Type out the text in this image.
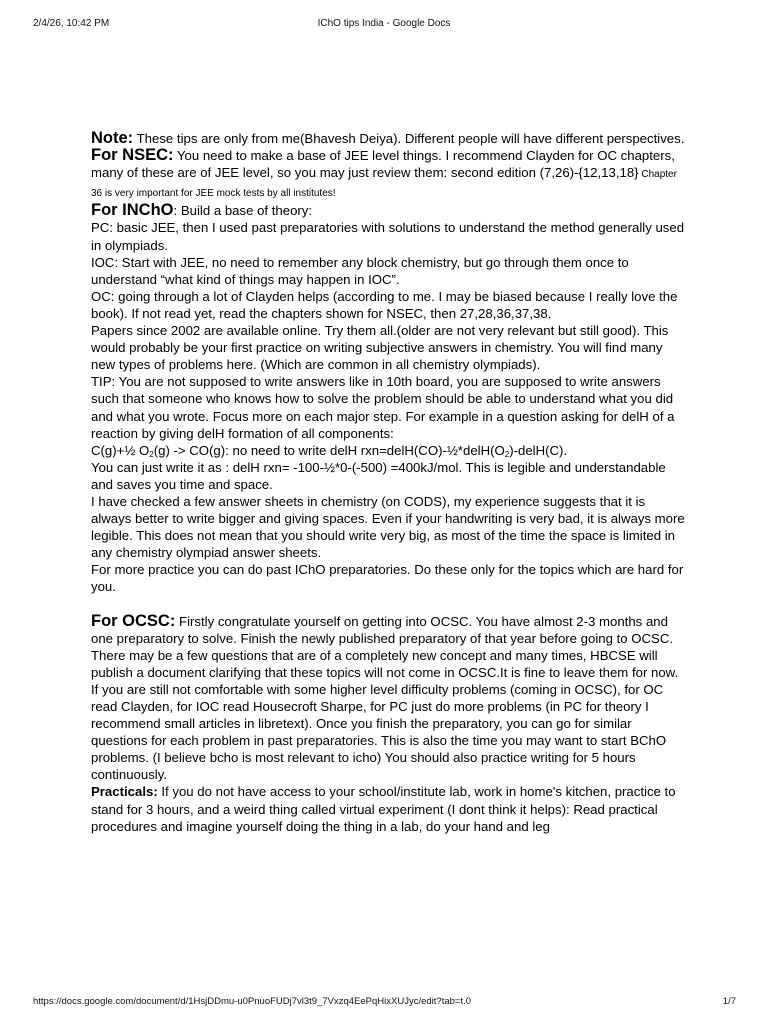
2/4/26, 10:42 PM	IChO tips India - Google Docs

Note: These tips are only from me(Bhavesh Deiya). Different people will have different perspectives.

For NSEC: You need to make a base of JEE level things. I recommend Clayden for OC chapters, many of these are of JEE level, so you may just review them: second edition (7,26)-{12,13,18} Chapter 36 is very important for JEE mock tests by all institutes!

For INChO: Build a base of theory:

PC: basic JEE, then I used past preparatories with solutions to understand the method generally used in olympiads.

IOC: Start with JEE, no need to remember any block chemistry, but go through them once to understand “what kind of things may happen in IOC”.

OC: going through a lot of Clayden helps (according to me. I may be biased because I really love the book). If not read yet, read the chapters shown for NSEC, then 27,28,36,37,38.

Papers since 2002 are available online. Try them all.(older are not very relevant but still good). This would probably be your first practice on writing subjective answers in chemistry. You will find many new types of problems here. (Which are common in all chemistry olympiads).

TIP: You are not supposed to write answers like in 10th board, you are supposed to write answers such that someone who knows how to solve the problem should be able to understand what you did and what you wrote. Focus more on each major step. For example in a question asking for delH of a reaction by giving delH formation of all components:

C(g)+½ $O_2(g) -> CO(g)$: no need to write delH $rxn=delH(CO)-\frac{1}{2}*delH(O_2)-delH(C)$.

You can just write it as : delH rxn= -100-½*0-(-500) =400kJ/mol. This is legible and understandable and saves you time and space.

I have checked a few answer sheets in chemistry (on CODS), my experience suggests that it is always better to write bigger and giving spaces. Even if your handwriting is very bad, it is always more legible. This does not mean that you should write very big, as most of the time the space is limited in any chemistry olympiad answer sheets.

For more practice you can do past IChO preparatories. Do these only for the topics which are hard for you.

For OCSC: Firstly congratulate yourself on getting into OCSC. You have almost 2-3 months and one preparatory to solve. Finish the newly published preparatory of that year before going to OCSC. There may be a few questions that are of a completely new concept and many times, HBCSE will publish a document clarifying that these topics will not come in OCSC.It is fine to leave them for now. If you are still not comfortable with some higher level difficulty problems (coming in OCSC), for OC read Clayden, for IOC read Housecroft Sharpe, for PC just do more problems (in PC for theory I recommend small articles in libretext). Once you finish the preparatory, you can go for similar questions for each problem in past preparatories. This is also the time you may want to start BChO problems. (I believe bcho is most relevant to icho) You should also practice writing for 5 hours continuously.

Practicals: If you do not have access to your school/institute lab, work in home's kitchen, practice to stand for 3 hours, and a weird thing called virtual experiment (I dont think it helps): Read practical procedures and imagine yourself doing the thing in a lab, do your hand and leg

https://docs.google.com/document/d/1HsjDDmu-u0PnuoFUDj7vl3t9_7Vxzq4EePqHixXUJyc/edit?tab=t.0	1/7
